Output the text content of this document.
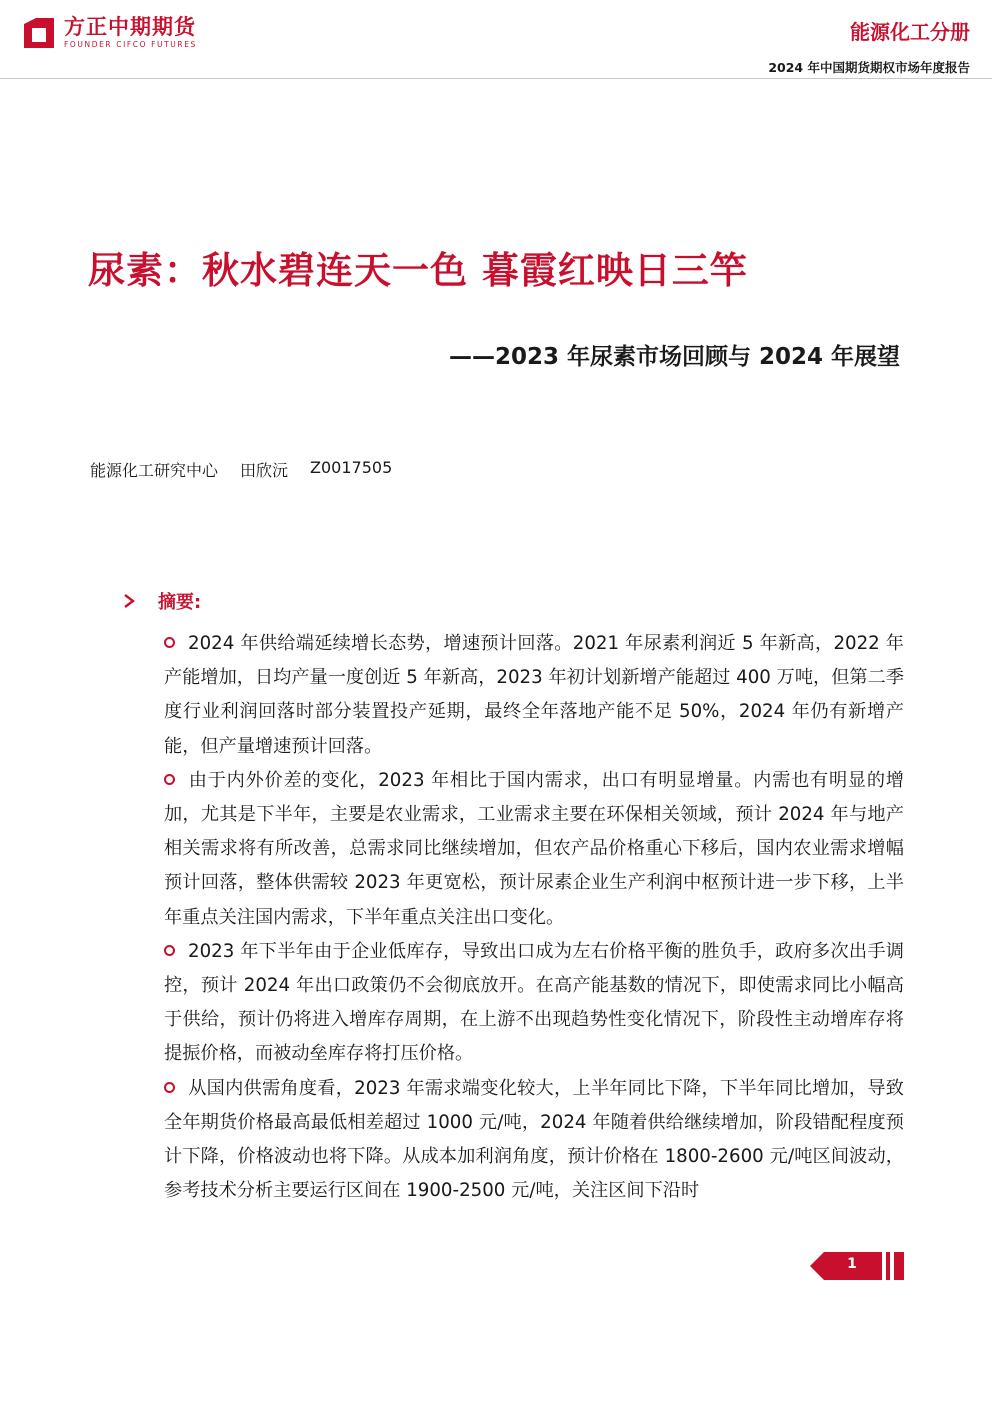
方正中期期货
FOUNDER CIFCO FUTURES
能源化工分册
2024 年中国期货期权市场年度报告
尿素：秋水碧连天一色 暮霞红映日三竿
——2023 年尿素市场回顾与 2024 年展望
能源化工研究中心 田欣沅 Z0017505
摘要:

2024 年供给端延续增长态势，增速预计回落。2021 年尿素利润近 5 年新高，2022 年产能增加，日均产量一度创近 5 年新高，2023 年初计划新增产能超过 400 万吨，但第二季度行业利润回落时部分装置投产延期，最终全年落地产能不足 50%，2024 年仍有新增产能，但产量增速预计回落。

由于内外价差的变化，2023 年相比于国内需求，出口有明显增量。内需也有明显的增加，尤其是下半年，主要是农业需求，工业需求主要在环保相关领域，预计 2024 年与地产相关需求将有所改善，总需求同比继续增加，但农产品价格重心下移后，国内农业需求增幅预计回落，整体供需较 2023 年更宽松，预计尿素企业生产利润中枢预计进一步下移，上半年重点关注国内需求，下半年重点关注出口变化。

2023 年下半年由于企业低库存，导致出口成为左右价格平衡的胜负手，政府多次出手调控，预计 2024 年出口政策仍不会彻底放开。在高产能基数的情况下，即使需求同比小幅高于供给，预计仍将进入增库存周期，在上游不出现趋势性变化情况下，阶段性主动增库存将提振价格，而被动垒库存将打压价格。

从国内供需角度看，2023 年需求端变化较大，上半年同比下降，下半年同比增加，导致全年期货价格最高最低相差超过 1000 元/吨，2024 年随着供给继续增加，阶段错配程度预计下降，价格波动也将下降。从成本加利润角度，预计价格在 1800-2600 元/吨区间波动，参考技术分析主要运行区间在 1900-2500 元/吨，关注区间下沿时

1
